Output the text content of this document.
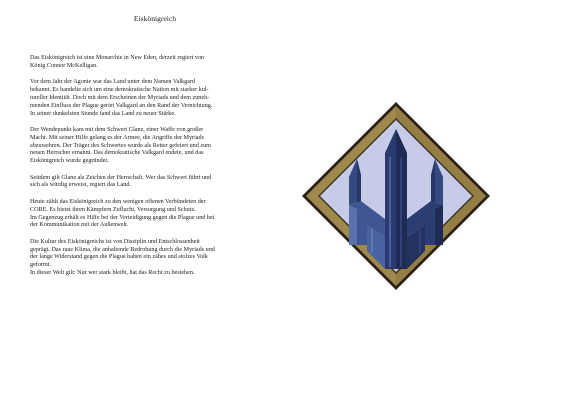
Eiskönigreich

Das Eiskönigreich ist eine Monarchie in New Eden, derzeit regiert von
König Connor McKelligan.

Vor dem Jahr der Agonie war das Land unter dem Namen Valkgard
bekannt. Es handelte sich um eine demokratische Nation mit starker kul-
tureller Identität. Doch mit dem Erscheinen der Myriads und dem zuneh-
menden Einfluss der Plague geriet Valkgard an den Rand der Vernichtung.
In seiner dunkelsten Stunde fand das Land zu neuer Stärke.

Der Wendepunkt kam mit dem Schwert Glanz, einer Waffe von großer
Macht. Mit seiner Hilfe gelang es der Armee, die Angriffe der Myriads
abzuwehren. Der Träger des Schwertes wurde als Retter gefeiert und zum
neuen Herrscher ernannt. Das demokratische Valkgard endete, und das
Eiskönigreich wurde gegründet.

Seitdem gilt Glanz als Zeichen der Herrschaft. Wer das Schwert führt und
sich als würdig erweist, regiert das Land.

Heute zählt das Eiskönigreich zu den wenigen offenen Verbündeten der
CORE. Es bietet ihren Kämpfern Zuflucht, Versorgung und Schutz.
Im Gegenzug erhält es Hilfe bei der Verteidigung gegen die Plague und bei
der Kommunikation mit der Außenwelt.

Die Kultur des Eiskönigreichs ist von Disziplin und Entschlossenheit
geprägt. Das raue Klima, die anhaltende Bedrohung durch die Myriads und
der lange Widerstand gegen die Plague haben ein zähes und stolzes Volk
geformt.
In dieser Welt gilt: Nur wer stark bleibt, hat das Recht zu bestehen.
